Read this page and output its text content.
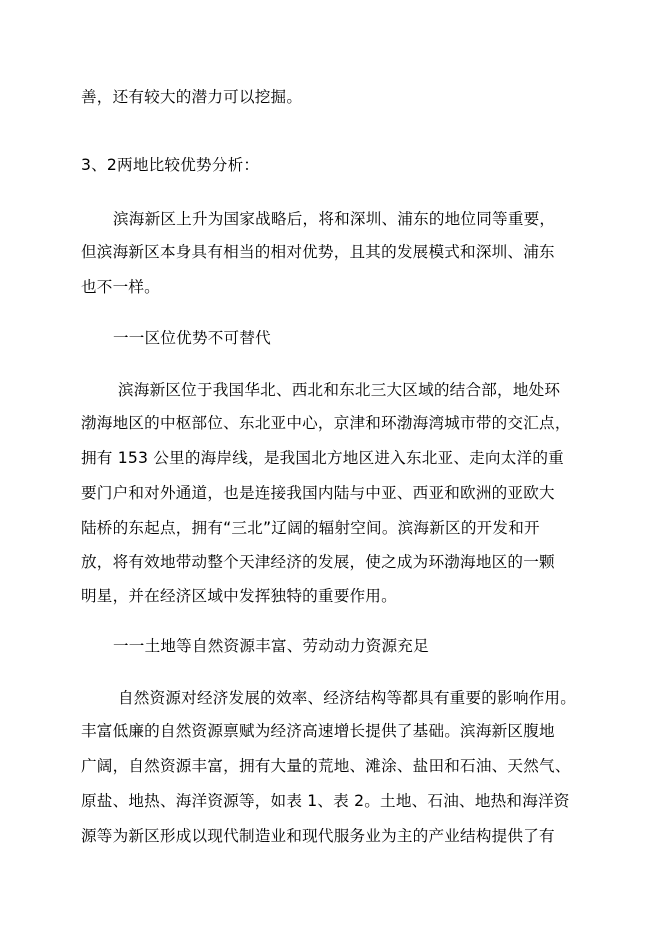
善，还有较大的潜力可以挖掘。

3、2两地比较优势分析：

滨海新区上升为国家战略后，将和深圳、浦东的地位同等重要，

但滨海新区本身具有相当的相对优势，且其的发展模式和深圳、浦东

也不一样。

一一区位优势不可替代

滨海新区位于我国华北、西北和东北三大区域的结合部，地处环

渤海地区的中枢部位、东北亚中心，京津和环渤海湾城市带的交汇点，

拥有 153 公里的海岸线，是我国北方地区进入东北亚、走向太洋的重

要门户和对外通道，也是连接我国内陆与中亚、西亚和欧洲的亚欧大

陆桥的东起点，拥有“三北”辽阔的辐射空间。滨海新区的开发和开

放，将有效地带动整个天津经济的发展，使之成为环渤海地区的一颗

明星，并在经济区域中发挥独特的重要作用。

一一土地等自然资源丰富、劳动动力资源充足

自然资源对经济发展的效率、经济结构等都具有重要的影响作用。

丰富低廉的自然资源禀赋为经济高速增长提供了基础。滨海新区腹地

广阔，自然资源丰富，拥有大量的荒地、滩涂、盐田和石油、天然气、

原盐、地热、海洋资源等，如表 1、表 2。土地、石油、地热和海洋资

源等为新区形成以现代制造业和现代服务业为主的产业结构提供了有
